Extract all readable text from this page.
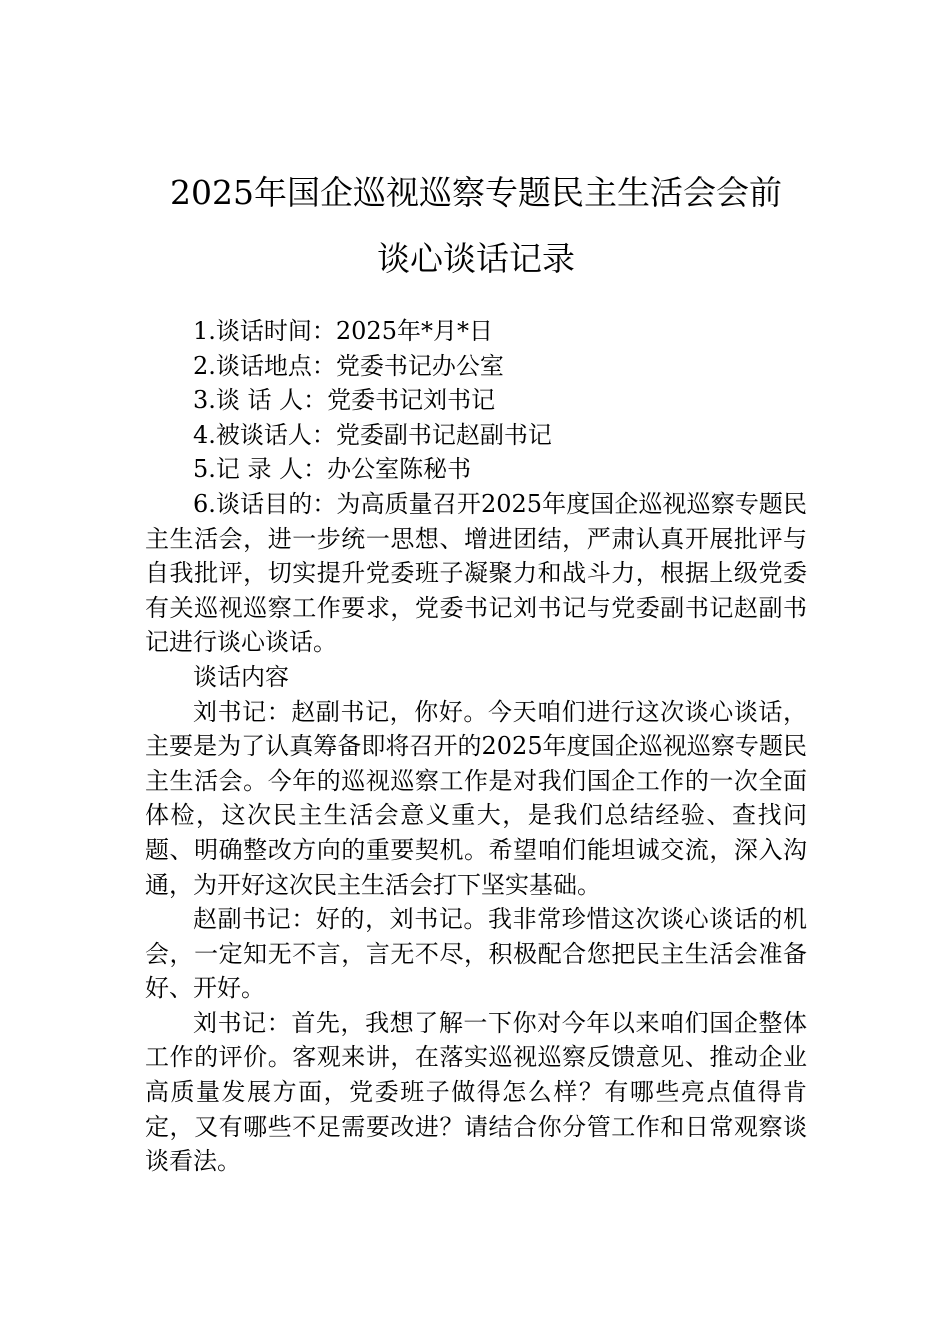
2025年国企巡视巡察专题民主生活会会前
谈心谈话记录

1.谈话时间：2025年*月*日

2.谈话地点：党委书记办公室

3.谈 话 人：党委书记刘书记

4.被谈话人：党委副书记赵副书记

5.记 录 人：办公室陈秘书

6.谈话目的：为高质量召开2025年度国企巡视巡察专题民主生活会，进一步统一思想、增进团结，严肃认真开展批评与自我批评，切实提升党委班子凝聚力和战斗力，根据上级党委有关巡视巡察工作要求，党委书记刘书记与党委副书记赵副书记进行谈心谈话。

谈话内容

刘书记：赵副书记，你好。今天咱们进行这次谈心谈话，主要是为了认真筹备即将召开的2025年度国企巡视巡察专题民主生活会。今年的巡视巡察工作是对我们国企工作的一次全面体检，这次民主生活会意义重大，是我们总结经验、查找问题、明确整改方向的重要契机。希望咱们能坦诚交流，深入沟通，为开好这次民主生活会打下坚实基础。

赵副书记：好的，刘书记。我非常珍惜这次谈心谈话的机会，一定知无不言，言无不尽，积极配合您把民主生活会准备好、开好。

刘书记：首先，我想了解一下你对今年以来咱们国企整体工作的评价。客观来讲，在落实巡视巡察反馈意见、推动企业高质量发展方面，党委班子做得怎么样？有哪些亮点值得肯定，又有哪些不足需要改进？请结合你分管工作和日常观察谈谈看法。
